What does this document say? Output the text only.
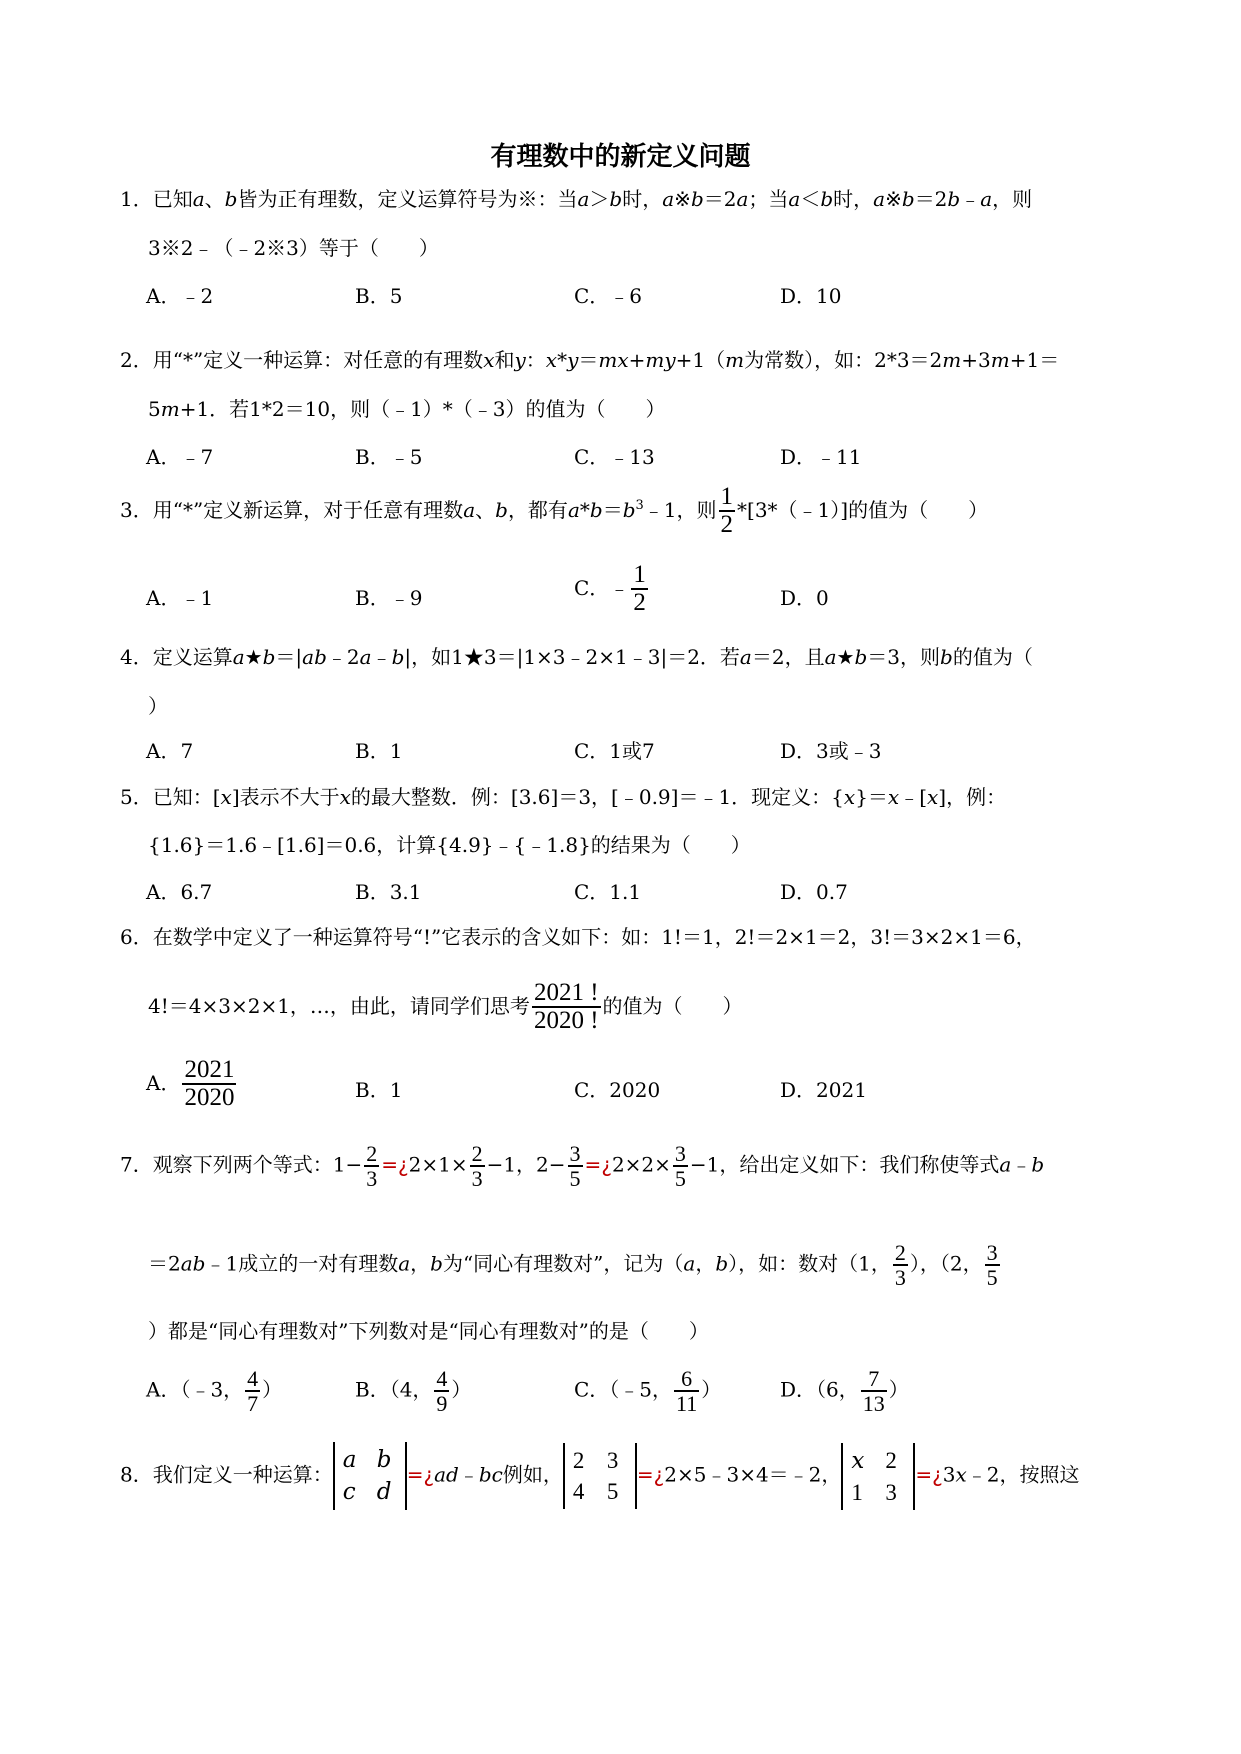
有理数中的新定义问题
1．已知a、b皆为正有理数，定义运算符号为※：当a＞b时，a※b＝2a；当a＜b时，a※b＝2b﹣a，则
3※2﹣（﹣2※3）等于（　　）
A．﹣2	B．5	C．﹣6	D．10
2．用“*”定义一种运算：对任意的有理数x和y：x*y＝mx+my+1（m为常数），如：2*3＝2m+3m+1＝
5m+1．若1*2＝10，则（﹣1）*（﹣3）的值为（　　）
A．﹣7	B．﹣5	C．﹣13	D．﹣11
3．用“*”定义新运算，对于任意有理数a、b，都有$a*b=b^3﹣1$，则 $\frac{1}{2}$ *[3*（﹣1）]的值为（　　）
A．﹣1	B．﹣9	C．﹣ $\frac{1}{2}$	D．0
4．定义运算a★b＝|ab﹣2a﹣b|，如1★3＝|1×3﹣2×1﹣3|＝2．若a＝2，且a★b＝3，则b的值为（
）
A．7	B．1	C．1或7	D．3或﹣3
5．已知：[x]表示不大于x的最大整数．例：[3.6]＝3，[﹣0.9]＝﹣1．现定义：{x}＝x﹣[x]，例：
{1.6}＝1.6﹣[1.6]＝0.6，计算{4.9}﹣{﹣1.8}的结果为（　　）
A．6.7	B．3.1	C．1.1	D．0.7
6．在数学中定义了一种运算符号“!”它表示的含义如下：如：1!＝1，2!＝2×1＝2，3!＝3×2×1＝6，
4!＝4×3×2×1，…，由此，请同学们思考 $\frac{2021 !}{2020 !}$ 的值为（　　）
A． $\frac{2021}{2020}$	B．1	C．2020	D．2021
7．观察下列两个等式：$1- \frac{2}{3}$ =¿2×1× $\frac{2}{3} -1$，$2- \frac{3}{5}$ =¿2×2× $\frac{3}{5} -1$，给出定义如下：我们称使等式a﹣b
＝2ab﹣1成立的一对有理数a，b为“同心有理数对”，记为（a，b），如：数对（1， $\frac{2}{3}$ ），（2， $\frac{3}{5}$
）都是“同心有理数对”下列数对是“同心有理数对”的是（　　）
A．（﹣3， $\frac{4}{7}$ ）	B．（4， $\frac{4}{9}$ ）	C．（﹣5， $\frac{6}{11}$ ）	D．（6， $\frac{7}{13}$ ）
8．我们定义一种运算：a b
c d=¿ad﹣bc例如，2 3
4 5=¿2×5﹣3×4＝﹣2，x 2
1 3=¿3x﹣2，按照这
